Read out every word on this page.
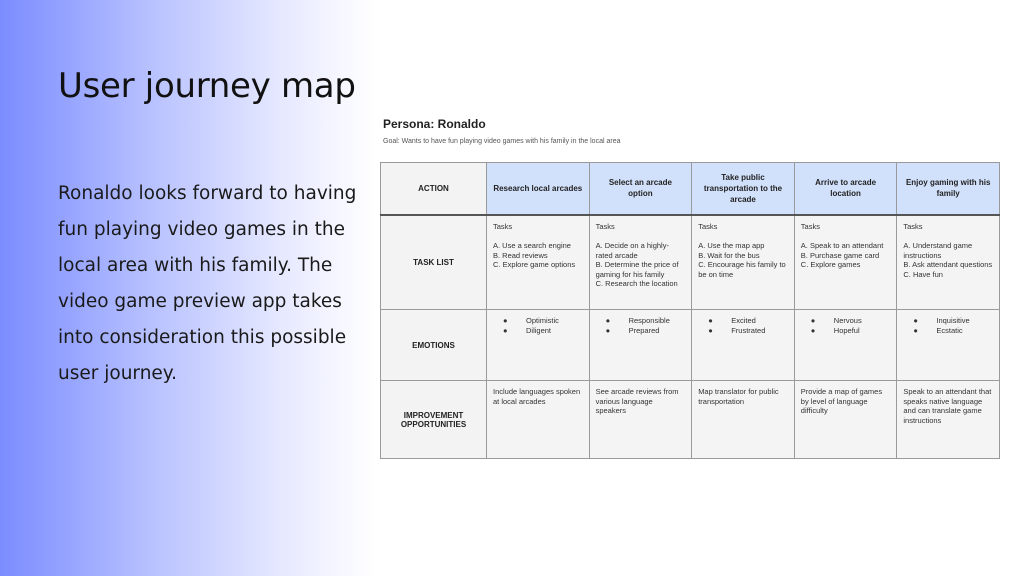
User journey map

Ronaldo looks forward to having fun playing video games in the local area with his family. The video game preview app takes into consideration this possible user journey.

Persona: Ronaldo
Goal: Wants to have fun playing video games with his family in the local area
ACTION	Research local arcades	Select an arcade option	Take public transportation to the arcade	Arrive to arcade location	Enjoy gaming with his family
TASK LIST	Tasks
A. Use a search engine
B. Read reviews
C. Explore game options	Tasks
A. Decide on a highly-rated arcade
B. Determine the price of gaming for his family
C. Research the location	Tasks
A. Use the map app
B. Wait for the bus
C. Encourage his family to be on time	Tasks
A. Speak to an attendant
B. Purchase game card
C. Explore games	Tasks
A. Understand game instructions
B. Ask attendant questions
C. Have fun

EMOTIONS	● Optimistic
● Diligent	● Responsible
● Prepared	● Excited
● Frustrated	● Nervous
● Hopeful	● Inquisitive
● Ecstatic

IMPROVEMENT OPPORTUNITIES	Include languages spoken at local arcades	See arcade reviews from various language speakers	Map translator for public transportation	Provide a map of games by level of language difficulty	Speak to an attendant that speaks native language and can translate game instructions
